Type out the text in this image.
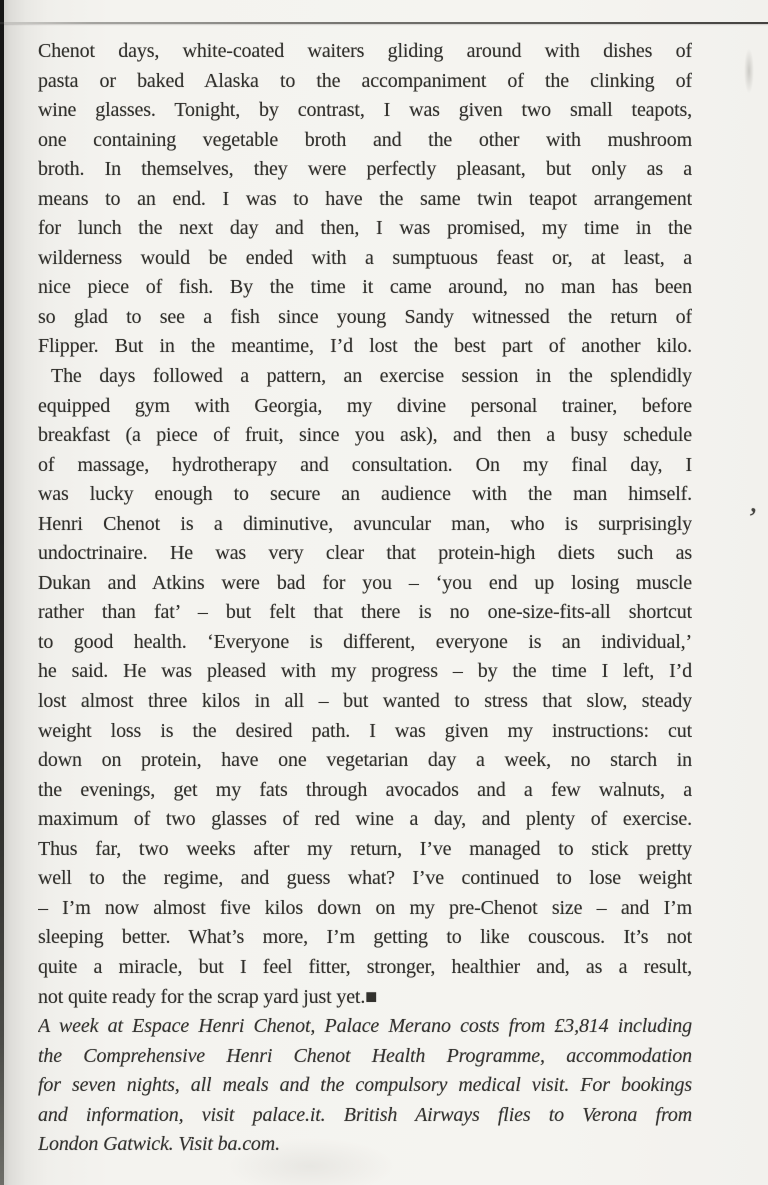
Chenot days, white-coated waiters gliding around with dishes of
pasta or baked Alaska to the accompaniment of the clinking of
wine glasses. Tonight, by contrast, I was given two small teapots,
one containing vegetable broth and the other with mushroom
broth. In themselves, they were perfectly pleasant, but only as a
means to an end. I was to have the same twin teapot arrangement
for lunch the next day and then, I was promised, my time in the
wilderness would be ended with a sumptuous feast or, at least, a
nice piece of fish. By the time it came around, no man has been
so glad to see a fish since young Sandy witnessed the return of
Flipper. But in the meantime, I’d lost the best part of another kilo.
The days followed a pattern, an exercise session in the splendidly
equipped gym with Georgia, my divine personal trainer, before
breakfast (a piece of fruit, since you ask), and then a busy schedule
of massage, hydrotherapy and consultation. On my final day, I
was lucky enough to secure an audience with the man himself.
Henri Chenot is a diminutive, avuncular man, who is surprisingly
undoctrinaire. He was very clear that protein-high diets such as
Dukan and Atkins were bad for you – ‘you end up losing muscle
rather than fat’ – but felt that there is no one-size-fits-all shortcut
to good health. ‘Everyone is different, everyone is an individual,’
he said. He was pleased with my progress – by the time I left, I’d
lost almost three kilos in all – but wanted to stress that slow, steady
weight loss is the desired path. I was given my instructions: cut
down on protein, have one vegetarian day a week, no starch in
the evenings, get my fats through avocados and a few walnuts, a
maximum of two glasses of red wine a day, and plenty of exercise.
Thus far, two weeks after my return, I’ve managed to stick pretty
well to the regime, and guess what? I’ve continued to lose weight
– I’m now almost five kilos down on my pre-Chenot size – and I’m
sleeping better. What’s more, I’m getting to like couscous. It’s not
quite a miracle, but I feel fitter, stronger, healthier and, as a result,
not quite ready for the scrap yard just yet.■
A week at Espace Henri Chenot, Palace Merano costs from £3,814 including
the Comprehensive Henri Chenot Health Programme, accommodation
for seven nights, all meals and the compulsory medical visit. For bookings
and information, visit palace.it. British Airways flies to Verona from
London Gatwick. Visit ba.com.
’
